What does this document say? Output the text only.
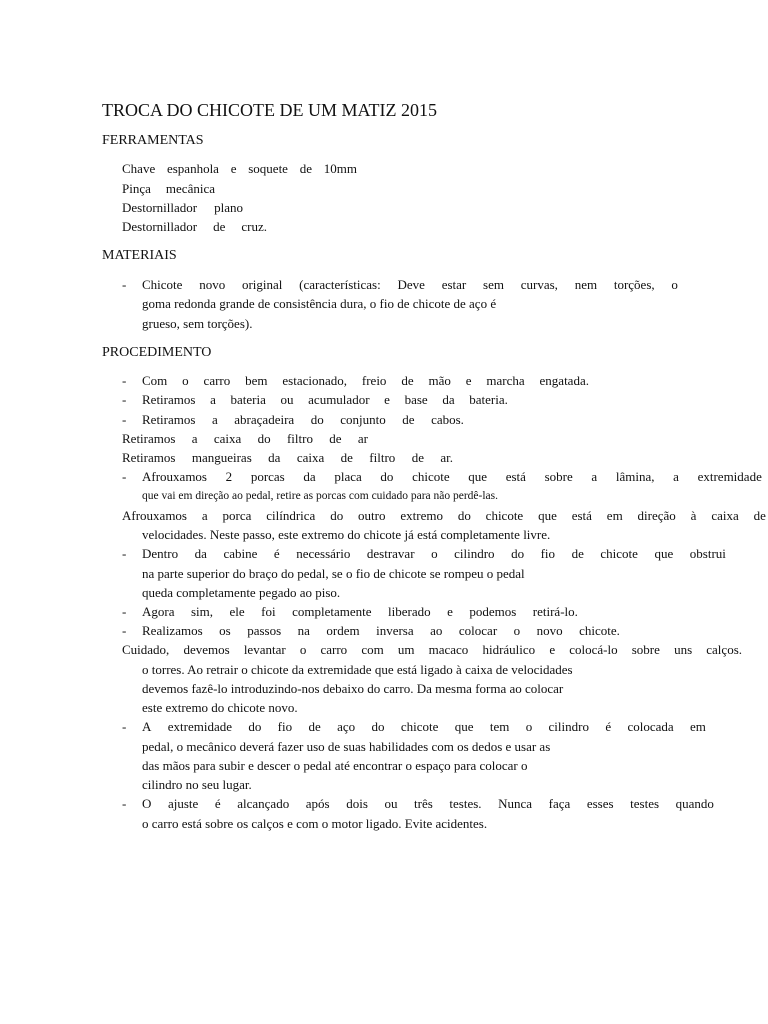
TROCA DO CHICOTE DE UM MATIZ 2015
FERRAMENTAS
Chave espanhola e soquete de 10mm
Pinça mecânica
Destornillador plano
Destornillador de cruz.
MATERIAIS
- Chicote novo original (características: Deve estar sem curvas, nem torções, o
goma redonda grande de consistência dura, o fio de chicote de aço é
grueso, sem torções).
PROCEDIMENTO
- Com o carro bem estacionado, freio de mão e marcha engatada.
- Retiramos a bateria ou acumulador e base da bateria.
- Retiramos a abraçadeira do conjunto de cabos.
Retiramos a caixa do filtro de ar
Retiramos mangueiras da caixa de filtro de ar.
- Afrouxamos 2 porcas da placa do chicote que está sobre a lâmina, a extremidade
que vai em direção ao pedal, retire as porcas com cuidado para não perdê-las.
Afrouxamos a porca cilíndrica do outro extremo do chicote que está em direção à caixa de
velocidades. Neste passo, este extremo do chicote já está completamente livre.
- Dentro da cabine é necessário destravar o cilindro do fio de chicote que obstrui
na parte superior do braço do pedal, se o fio de chicote se rompeu o pedal
queda completamente pegado ao piso.
- Agora sim, ele foi completamente liberado e podemos retirá-lo.
- Realizamos os passos na ordem inversa ao colocar o novo chicote.
Cuidado, devemos levantar o carro com um macaco hidráulico e colocá-lo sobre uns calços.
o torres. Ao retrair o chicote da extremidade que está ligado à caixa de velocidades
devemos fazê-lo introduzindo-nos debaixo do carro. Da mesma forma ao colocar
este extremo do chicote novo.
- A extremidade do fio de aço do chicote que tem o cilindro é colocada em
pedal, o mecânico deverá fazer uso de suas habilidades com os dedos e usar as
das mãos para subir e descer o pedal até encontrar o espaço para colocar o
cilindro no seu lugar.
- O ajuste é alcançado após dois ou três testes. Nunca faça esses testes quando
o carro está sobre os calços e com o motor ligado. Evite acidentes.
